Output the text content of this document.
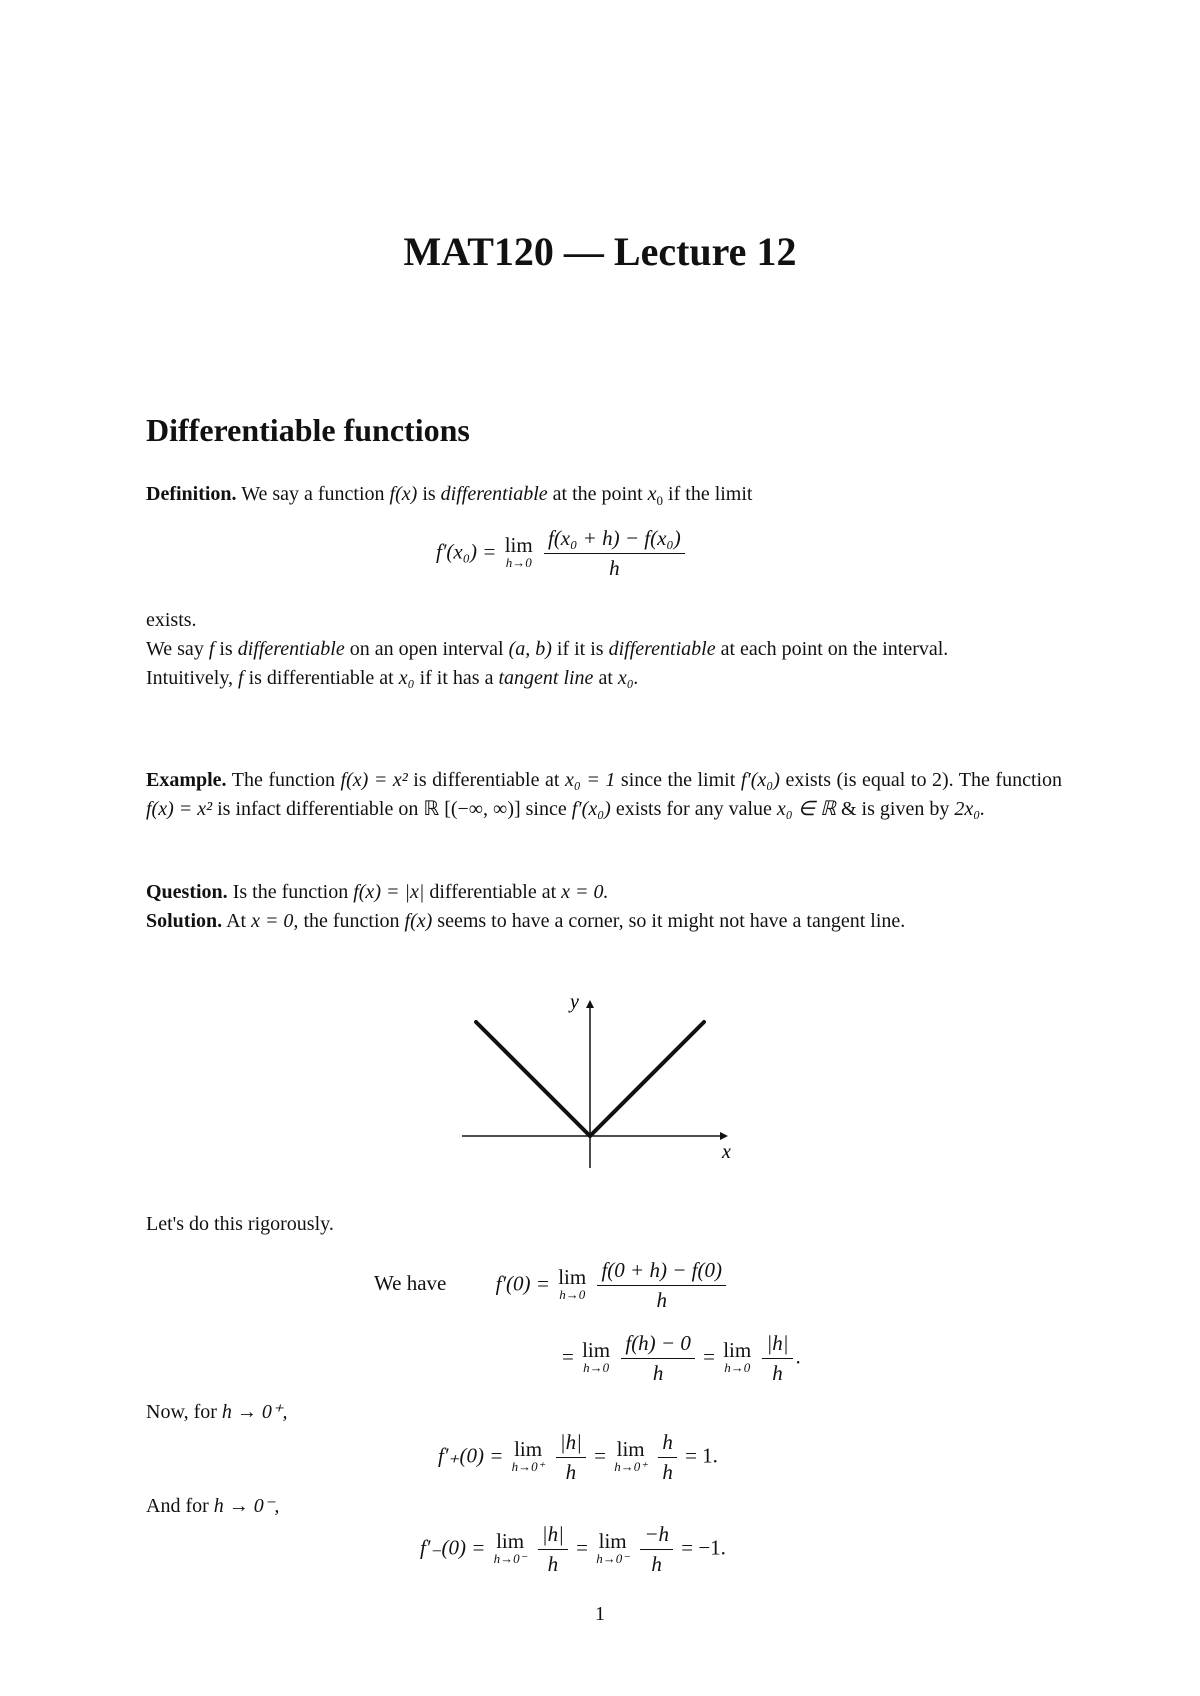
MAT120 — Lecture 12
Differentiable functions
Definition. We say a function f(x) is differentiable at the point $x_0$ if the limit
f′(x₀) = lim
h→0
$\frac{\text{f(x₀ + h) − f(x₀)}}{h}$
exists.
We say f is differentiable on an open interval (a, b) if it is differentiable at each point on the interval.
Intuitively, f is differentiable at x₀ if it has a tangent line at x₀.
Example. The function f(x) = x² is differentiable at x₀ = 1 since the limit f′(x₀) exists (is equal to 2). The function f(x) = x² is infact differentiable on ℝ [(−∞, ∞)] since f′(x₀) exists for any value x₀ ∈ ℝ & is given by 2x₀.
Question. Is the function f(x) = |x| differentiable at x = 0.
Solution. At x = 0, the function f(x) seems to have a corner, so it might not have a tangent line.
y
x
Let's do this rigorously.
We have f′(0) = lim
h→0
$\frac{f(0 + h) - f(0)}{h}$
= lim
h→0
$\frac{f(h) - 0}{h} = \lim$
h→0
$\frac{|h|}{h}$ .
Now, for h → 0⁺,
f′₊(0) = lim
h→0⁺
$\frac{|h|}{h} = \lim$
h→0⁺
$\frac{h}{h} = 1$.
And for h → 0⁻,
f′₋(0) = lim
h→0⁻
$\frac{|h|}{h} = \lim$
h→0⁻
$\frac{-h}{h} = -1$.
1
